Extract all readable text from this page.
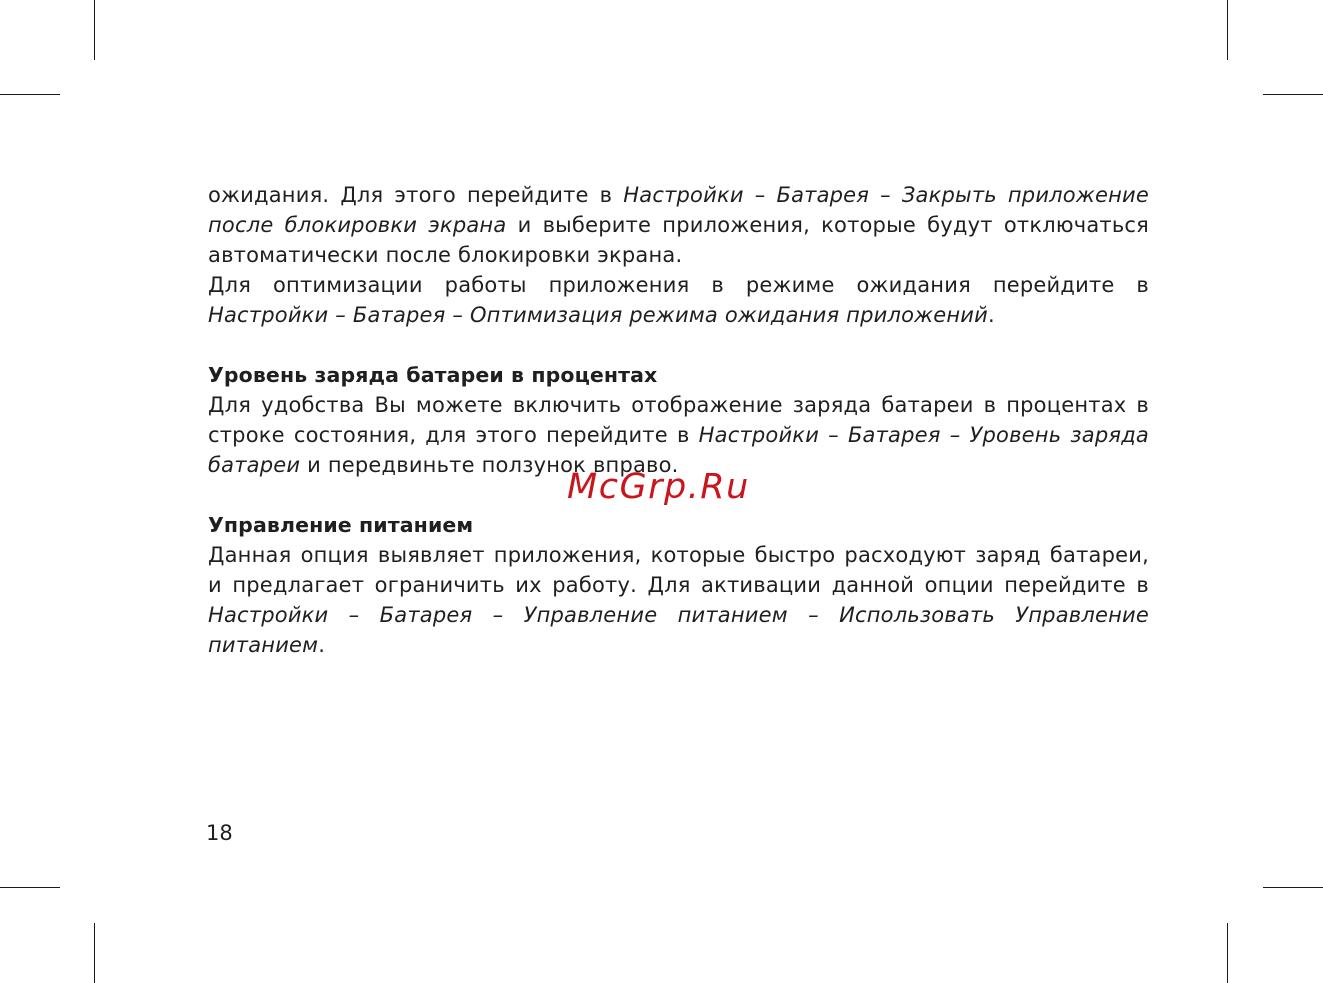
ожидания. Для этого перейдите в Настройки – Батарея – Закрыть приложение после блокировки экрана и выберите приложения, которые будут отключаться автоматически после блокировки экрана.

Для оптимизации работы приложения в режиме ожидания перейдите в Настройки – Батарея – Оптимизация режима ожидания приложений.

Уровень заряда батареи в процентах

Для удобства Вы можете включить отображение заряда батареи в процентах в строке состояния, для этого перейдите в Настройки – Батарея – Уровень заряда батареи и передвиньте ползунок вправо.

Управление питанием

Данная опция выявляет приложения, которые быстро расходуют заряд батареи, и предлагает ограничить их работу. Для активации данной опции перейдите в Настройки – Батарея – Управление питанием – Использовать Управление питанием.

McGrp.Ru
18
